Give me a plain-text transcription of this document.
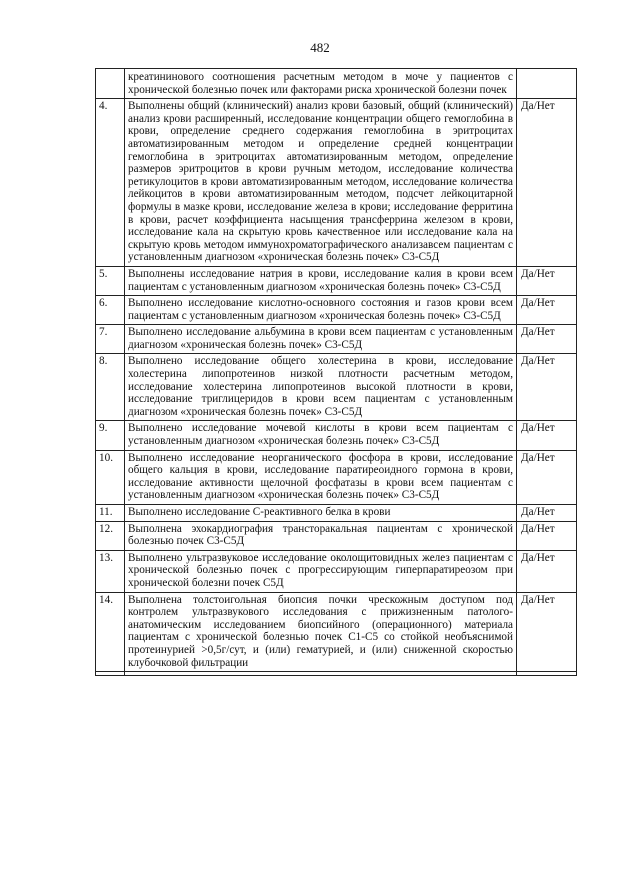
482
	креатининового соотношения расчетным методом в моче у пациентов с хронической болезнью почек или факторами риска хронической болезни почек	
4.	Выполнены общий (клинический) анализ крови базовый, общий (клинический) анализ крови расширенный, исследование концентрации общего гемоглобина в крови, определение среднего содержания гемоглобина в эритроцитах автоматизированным методом и определение средней концентрации гемоглобина в эритроцитах автоматизированным методом, определение размеров эритроцитов в крови ручным методом, исследование количества ретикулоцитов в крови автоматизированным методом, исследование количества лейкоцитов в крови автоматизированным методом, подсчет лейкоцитарной формулы в мазке крови, исследование железа в крови; исследование ферритина в крови, расчет коэффициента насыщения трансферрина железом в крови, исследование кала на скрытую кровь качественное или исследование кала на скрытую кровь методом иммунохроматографического анализавсем пациентам с установленным диагнозом «хроническая болезнь почек» С3-С5Д	Да/Нет
5.	Выполнены исследование натрия в крови, исследование калия в крови всем пациентам с установленным диагнозом «хроническая болезнь почек» С3-С5Д	Да/Нет
6.	Выполнено исследование кислотно-основного состояния и газов крови всем пациентам с установленным диагнозом «хроническая болезнь почек» С3-С5Д	Да/Нет
7.	Выполнено исследование альбумина в крови всем пациентам с установленным диагнозом «хроническая болезнь почек» С3-С5Д	Да/Нет
8.	Выполнено исследование общего холестерина в крови, исследование холестерина липопротеинов низкой плотности расчетным методом, исследование холестерина липопротеинов высокой плотности в крови, исследование триглицеридов в крови всем пациентам с установленным диагнозом «хроническая болезнь почек» С3-С5Д	Да/Нет
9.	Выполнено исследование мочевой кислоты в крови всем пациентам с установленным диагнозом «хроническая болезнь почек» С3-С5Д	Да/Нет
10.	Выполнено исследование неорганического фосфора в крови, исследование общего кальция в крови, исследование паратиреоидного гормона в крови, исследование активности щелочной фосфатазы в крови всем пациентам с установленным диагнозом «хроническая болезнь почек» С3-С5Д	Да/Нет
11.	Выполнено исследование С-реактивного белка в крови	Да/Нет
12.	Выполнена эхокардиография трансторакальная пациентам с хронической болезнью почек С3-С5Д	Да/Нет
13.	Выполнено ультразвуковое исследование околощитовидных желез пациентам с хронической болезнью почек с прогрессирующим гиперпаратиреозом при хронической болезни почек С5Д	Да/Нет
14.	Выполнена толстоигольная биопсия почки чрескожным доступом под контролем ультразвукового исследования с прижизненным патолого-анатомическим исследованием биопсийного (операционного) материала пациентам с хронической болезнью почек С1-С5 со стойкой необъяснимой протеинурией >0,5г/сут, и (или) гематурией, и (или) сниженной скоростью клубочковой фильтрации	Да/Нет
